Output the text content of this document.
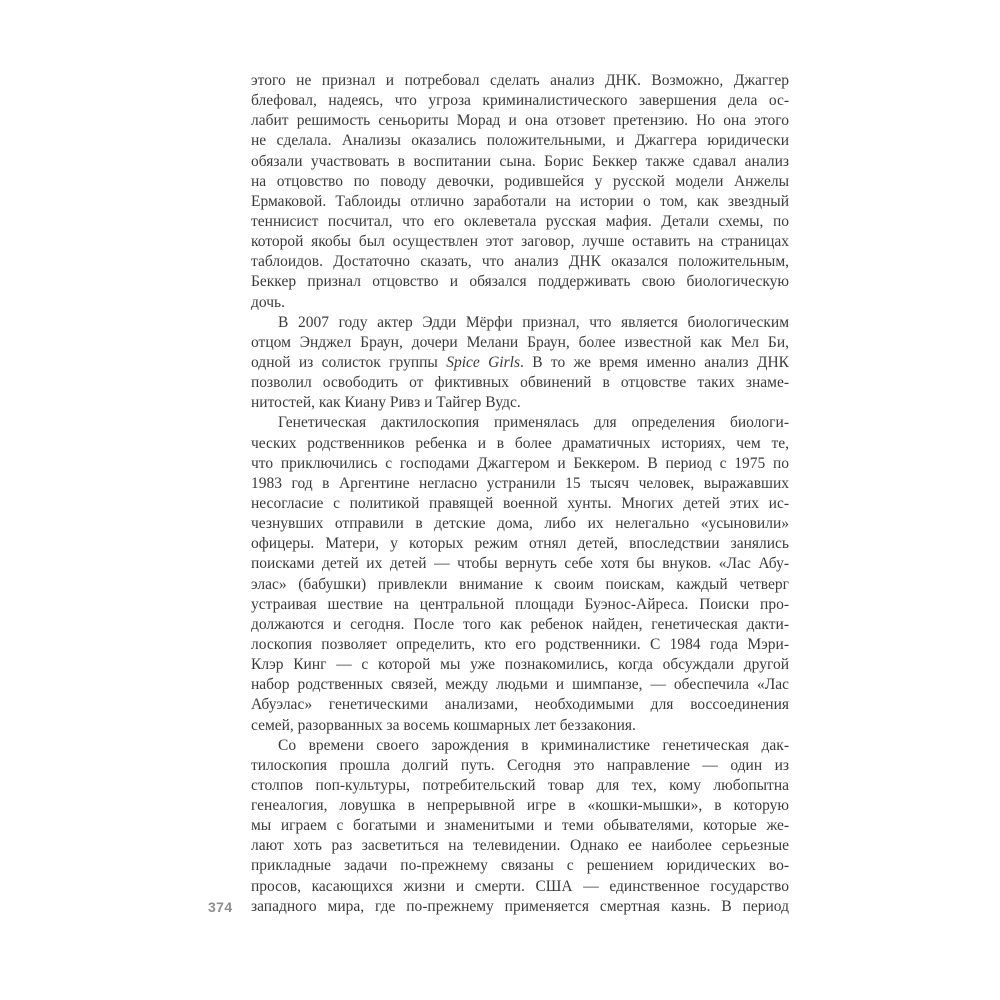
374
этого не признал и потребовал сделать анализ ДНК. Возможно, Джаггер
блефовал, надеясь, что угроза криминалистического завершения дела ос-
лабит решимость сеньориты Морад и она отзовет претензию. Но она этого
не сделала. Анализы оказались положительными, и Джаггера юридически
обязали участвовать в воспитании сына. Борис Беккер также сдавал анализ
на отцовство по поводу девочки, родившейся у русской модели Анжелы
Ермаковой. Таблоиды отлично заработали на истории о том, как звездный
теннисист посчитал, что его оклеветала русская мафия. Детали схемы, по
которой якобы был осуществлен этот заговор, лучше оставить на страницах
таблоидов. Достаточно сказать, что анализ ДНК оказался положительным,
Беккер признал отцовство и обязался поддерживать свою биологическую
дочь.
В 2007 году актер Эдди Мёрфи признал, что является биологическим
отцом Энджел Браун, дочери Мелани Браун, более известной как Мел Би,
одной из солисток группы Spice Girls. В то же время именно анализ ДНК
позволил освободить от фиктивных обвинений в отцовстве таких знаме-
нитостей, как Киану Ривз и Тайгер Вудс.
Генетическая дактилоскопия применялась для определения биологи-
ческих родственников ребенка и в более драматичных историях, чем те,
что приключились с господами Джаггером и Беккером. В период с 1975 по
1983 год в Аргентине негласно устранили 15 тысяч человек, выражавших
несогласие с политикой правящей военной хунты. Многих детей этих ис-
чезнувших отправили в детские дома, либо их нелегально «усыновили»
офицеры. Матери, у которых режим отнял детей, впоследствии занялись
поисками детей их детей — чтобы вернуть себе хотя бы внуков. «Лас Абу-
элас» (бабушки) привлекли внимание к своим поискам, каждый четверг
устраивая шествие на центральной площади Буэнос-Айреса. Поиски про-
должаются и сегодня. После того как ребенок найден, генетическая дакти-
лоскопия позволяет определить, кто его родственники. С 1984 года Мэри-
Клэр Кинг — с которой мы уже познакомились, когда обсуждали другой
набор родственных связей, между людьми и шимпанзе, — обеспечила «Лас
Абуэлас» генетическими анализами, необходимыми для воссоединения
семей, разорванных за восемь кошмарных лет беззакония.
Со времени своего зарождения в криминалистике генетическая дак-
тилоскопия прошла долгий путь. Сегодня это направление — один из
столпов поп-культуры, потребительский товар для тех, кому любопытна
генеалогия, ловушка в непрерывной игре в «кошки-мышки», в которую
мы играем с богатыми и знаменитыми и теми обывателями, которые же-
лают хоть раз засветиться на телевидении. Однако ее наиболее серьезные
прикладные задачи по-прежнему связаны с решением юридических во-
просов, касающихся жизни и смерти. США — единственное государство
западного мира, где по-прежнему применяется смертная казнь. В период
